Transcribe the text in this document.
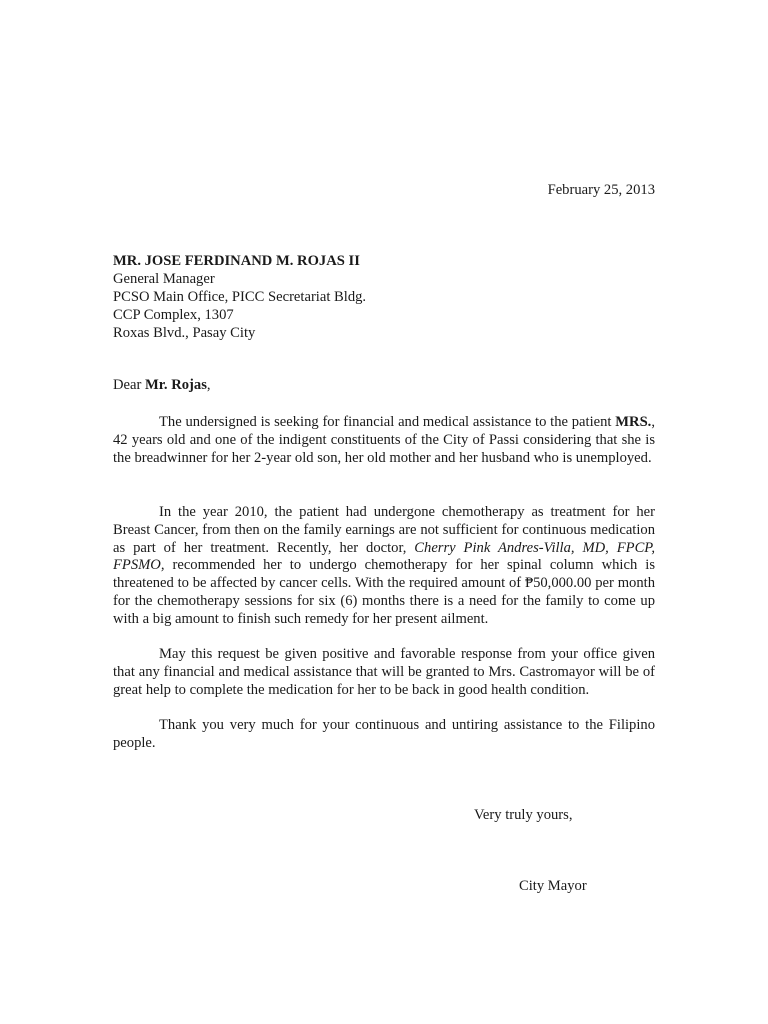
February 25, 2013
MR. JOSE FERDINAND M. ROJAS II
General Manager
PCSO Main Office, PICC Secretariat Bldg.
CCP Complex, 1307
Roxas Blvd., Pasay City
Dear Mr. Rojas,

The undersigned is seeking for financial and medical assistance to the patient MRS., 42 years old and one of the indigent constituents of the City of Passi considering that she is the breadwinner for her 2-year old son, her old mother and her husband who is unemployed.

In the year 2010, the patient had undergone chemotherapy as treatment for her Breast Cancer, from then on the family earnings are not sufficient for continuous medication as part of her treatment. Recently, her doctor, Cherry Pink Andres-Villa, MD, FPCP, FPSMO, recommended her to undergo chemotherapy for her spinal column which is threatened to be affected by cancer cells. With the required amount of ₱50,000.00 per month for the chemotherapy sessions for six (6) months there is a need for the family to come up with a big amount to finish such remedy for her present ailment.

May this request be given positive and favorable response from your office given that any financial and medical assistance that will be granted to Mrs. Castromayor will be of great help to complete the medication for her to be back in good health condition.

Thank you very much for your continuous and untiring assistance to the Filipino people.

Very truly yours,
City Mayor
